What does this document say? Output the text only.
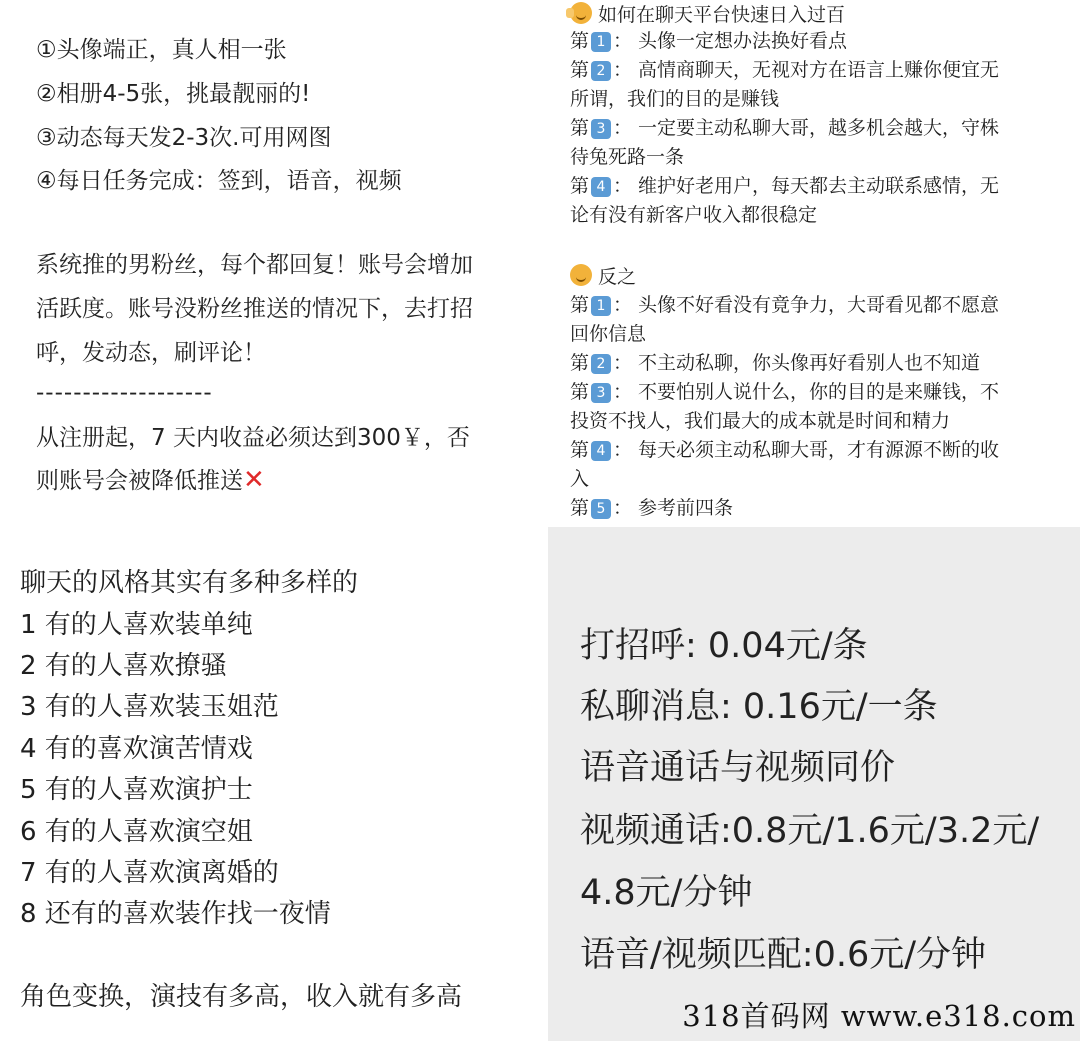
①头像端正，真人相一张
②相册4-5张，挑最靓丽的!
③动态每天发2-3次.可用网图
④每日任务完成：签到，语音，视频
系统推的男粉丝，每个都回复！账号会增加
活跃度。账号没粉丝推送的情况下，去打招
呼，发动态，刷评论！
-------------------
从注册起，7 天内收益必须达到300￥，否
则账号会被降低推送✕
如何在聊天平台快速日入过百
第 1 ： 头像一定想办法换好看点
第 2 ： 高情商聊天，无视对方在语言上赚你便宜无
所谓，我们的目的是赚钱
第 3 ： 一定要主动私聊大哥，越多机会越大，守株
待兔死路一条
第 4 ： 维护好老用户，每天都去主动联系感情，无
论有没有新客户收入都很稳定
反之
第 1 ： 头像不好看没有竟争力，大哥看见都不愿意
回你信息
第 2 ： 不主动私聊，你头像再好看别人也不知道
第 3 ： 不要怕别人说什么，你的目的是来赚钱，不
投资不找人，我们最大的成本就是时间和精力
第 4 ： 每天必须主动私聊大哥，才有源源不断的收
入
第 5 ： 参考前四条
聊天的风格其实有多种多样的
1 有的人喜欢装单纯
2 有的人喜欢撩骚
3 有的人喜欢装玉姐范
4 有的喜欢演苦情戏
5 有的人喜欢演护士
6 有的人喜欢演空姐
7 有的人喜欢演离婚的
8 还有的喜欢装作找一夜情
角色变换，演技有多高，收入就有多高
打招呼: 0.04元/条
私聊消息: 0.16元/一条
语音通话与视频同价
视频通话:0.8元/1.6元/3.2元/
4.8元/分钟
语音/视频匹配:0.6元/分钟
318首码网 www.e318.com
